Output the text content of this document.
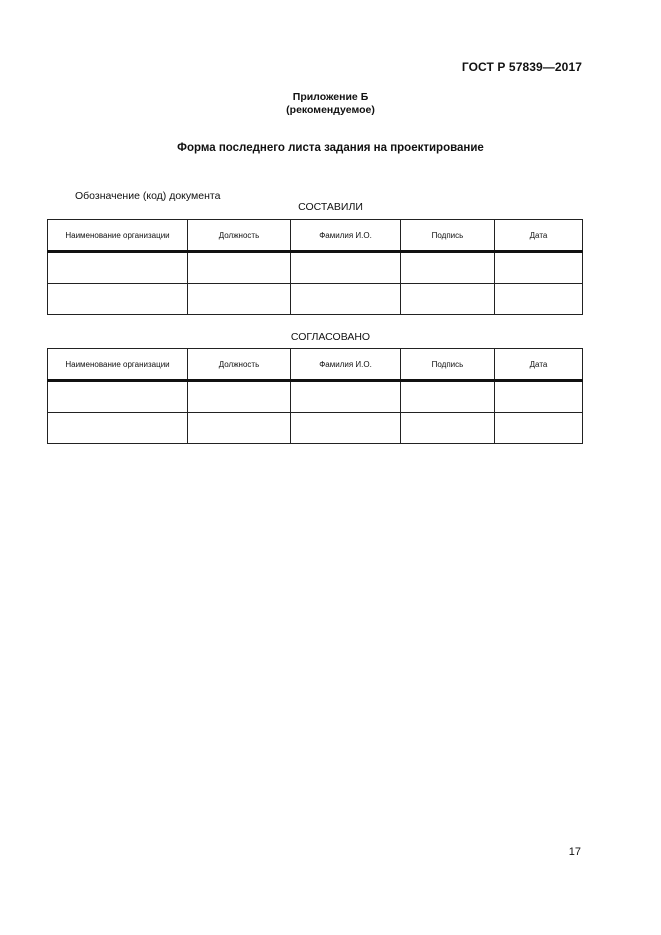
ГОСТ Р 57839—2017
Приложение Б
(рекомендуемое)
Форма последнего листа задания на проектирование
Обозначение (код) документа
СОСТАВИЛИ
Наименование организации	Должность	Фамилия И.О.	Подпись	Дата

СОГЛАСОВАНО
Наименование организации	Должность	Фамилия И.О.	Подпись	Дата

17
